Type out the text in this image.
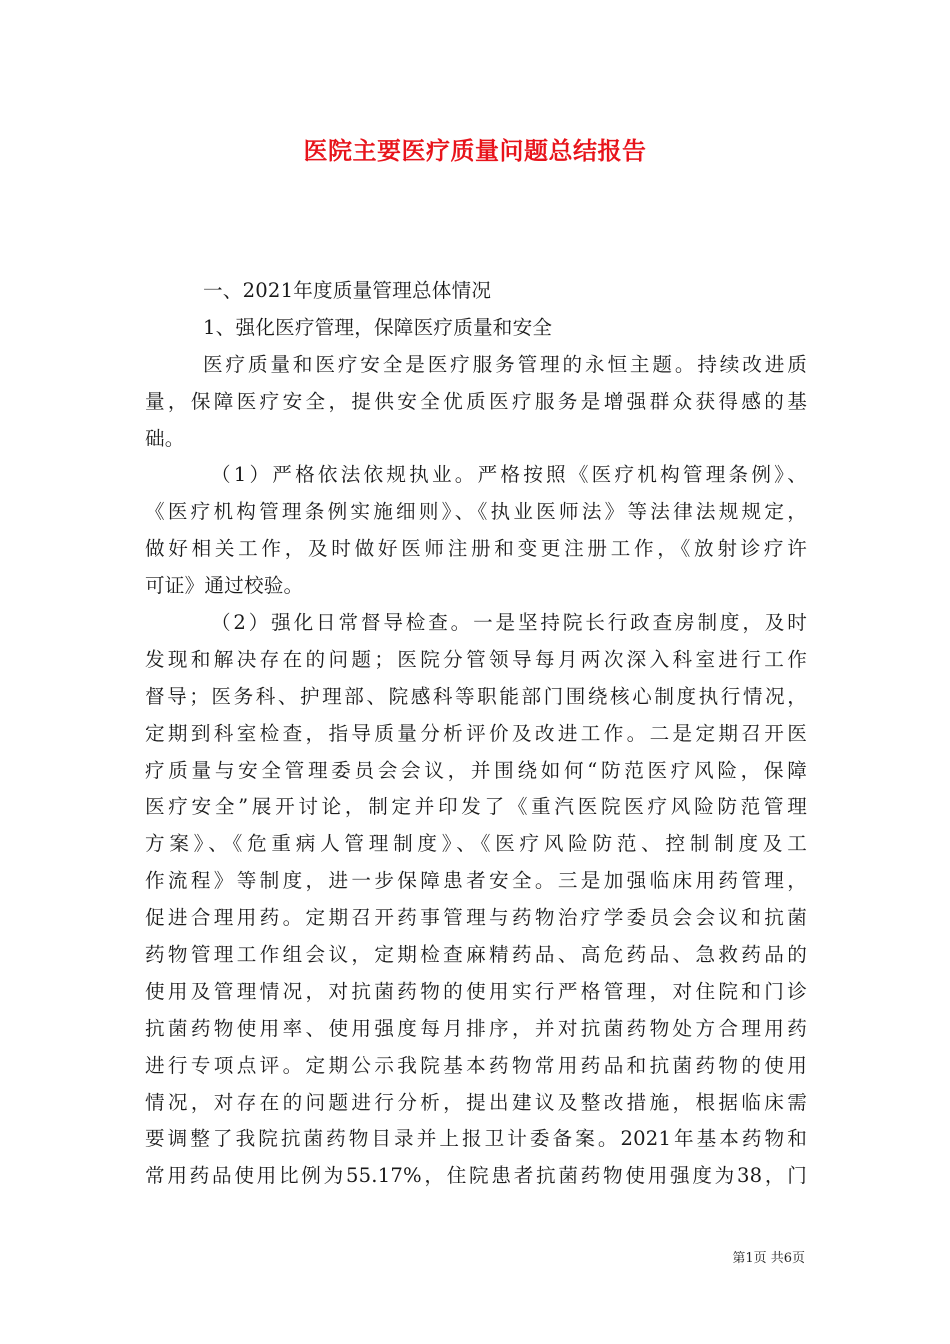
医院主要医疗质量问题总结报告
一、2021年度质量管理总体情况
1、强化医疗管理，保障医疗质量和安全
医疗质量和医疗安全是医疗服务管理的永恒主题。持续改进质
量，保障医疗安全，提供安全优质医疗服务是增强群众获得感的基
础。
（1）严格依法依规执业。严格按照《医疗机构管理条例》、
《医疗机构管理条例实施细则》、《执业医师法》等法律法规规定，
做好相关工作，及时做好医师注册和变更注册工作，《放射诊疗许
可证》通过校验。
（2）强化日常督导检查。一是坚持院长行政查房制度，及时
发现和解决存在的问题；医院分管领导每月两次深入科室进行工作
督导；医务科、护理部、院感科等职能部门围绕核心制度执行情况，
定期到科室检查，指导质量分析评价及改进工作。二是定期召开医
疗质量与安全管理委员会会议，并围绕如何“防范医疗风险，保障
医疗安全”展开讨论，制定并印发了《重汽医院医疗风险防范管理
方案》、《危重病人管理制度》、《医疗风险防范、控制制度及工
作流程》等制度，进一步保障患者安全。三是加强临床用药管理，
促进合理用药。定期召开药事管理与药物治疗学委员会会议和抗菌
药物管理工作组会议，定期检查麻精药品、高危药品、急救药品的
使用及管理情况，对抗菌药物的使用实行严格管理，对住院和门诊
抗菌药物使用率、使用强度每月排序，并对抗菌药物处方合理用药
进行专项点评。定期公示我院基本药物常用药品和抗菌药物的使用
情况，对存在的问题进行分析，提出建议及整改措施，根据临床需
要调整了我院抗菌药物目录并上报卫计委备案。2021年基本药物和
常用药品使用比例为55.17%，住院患者抗菌药物使用强度为38，门
第1页 共6页
